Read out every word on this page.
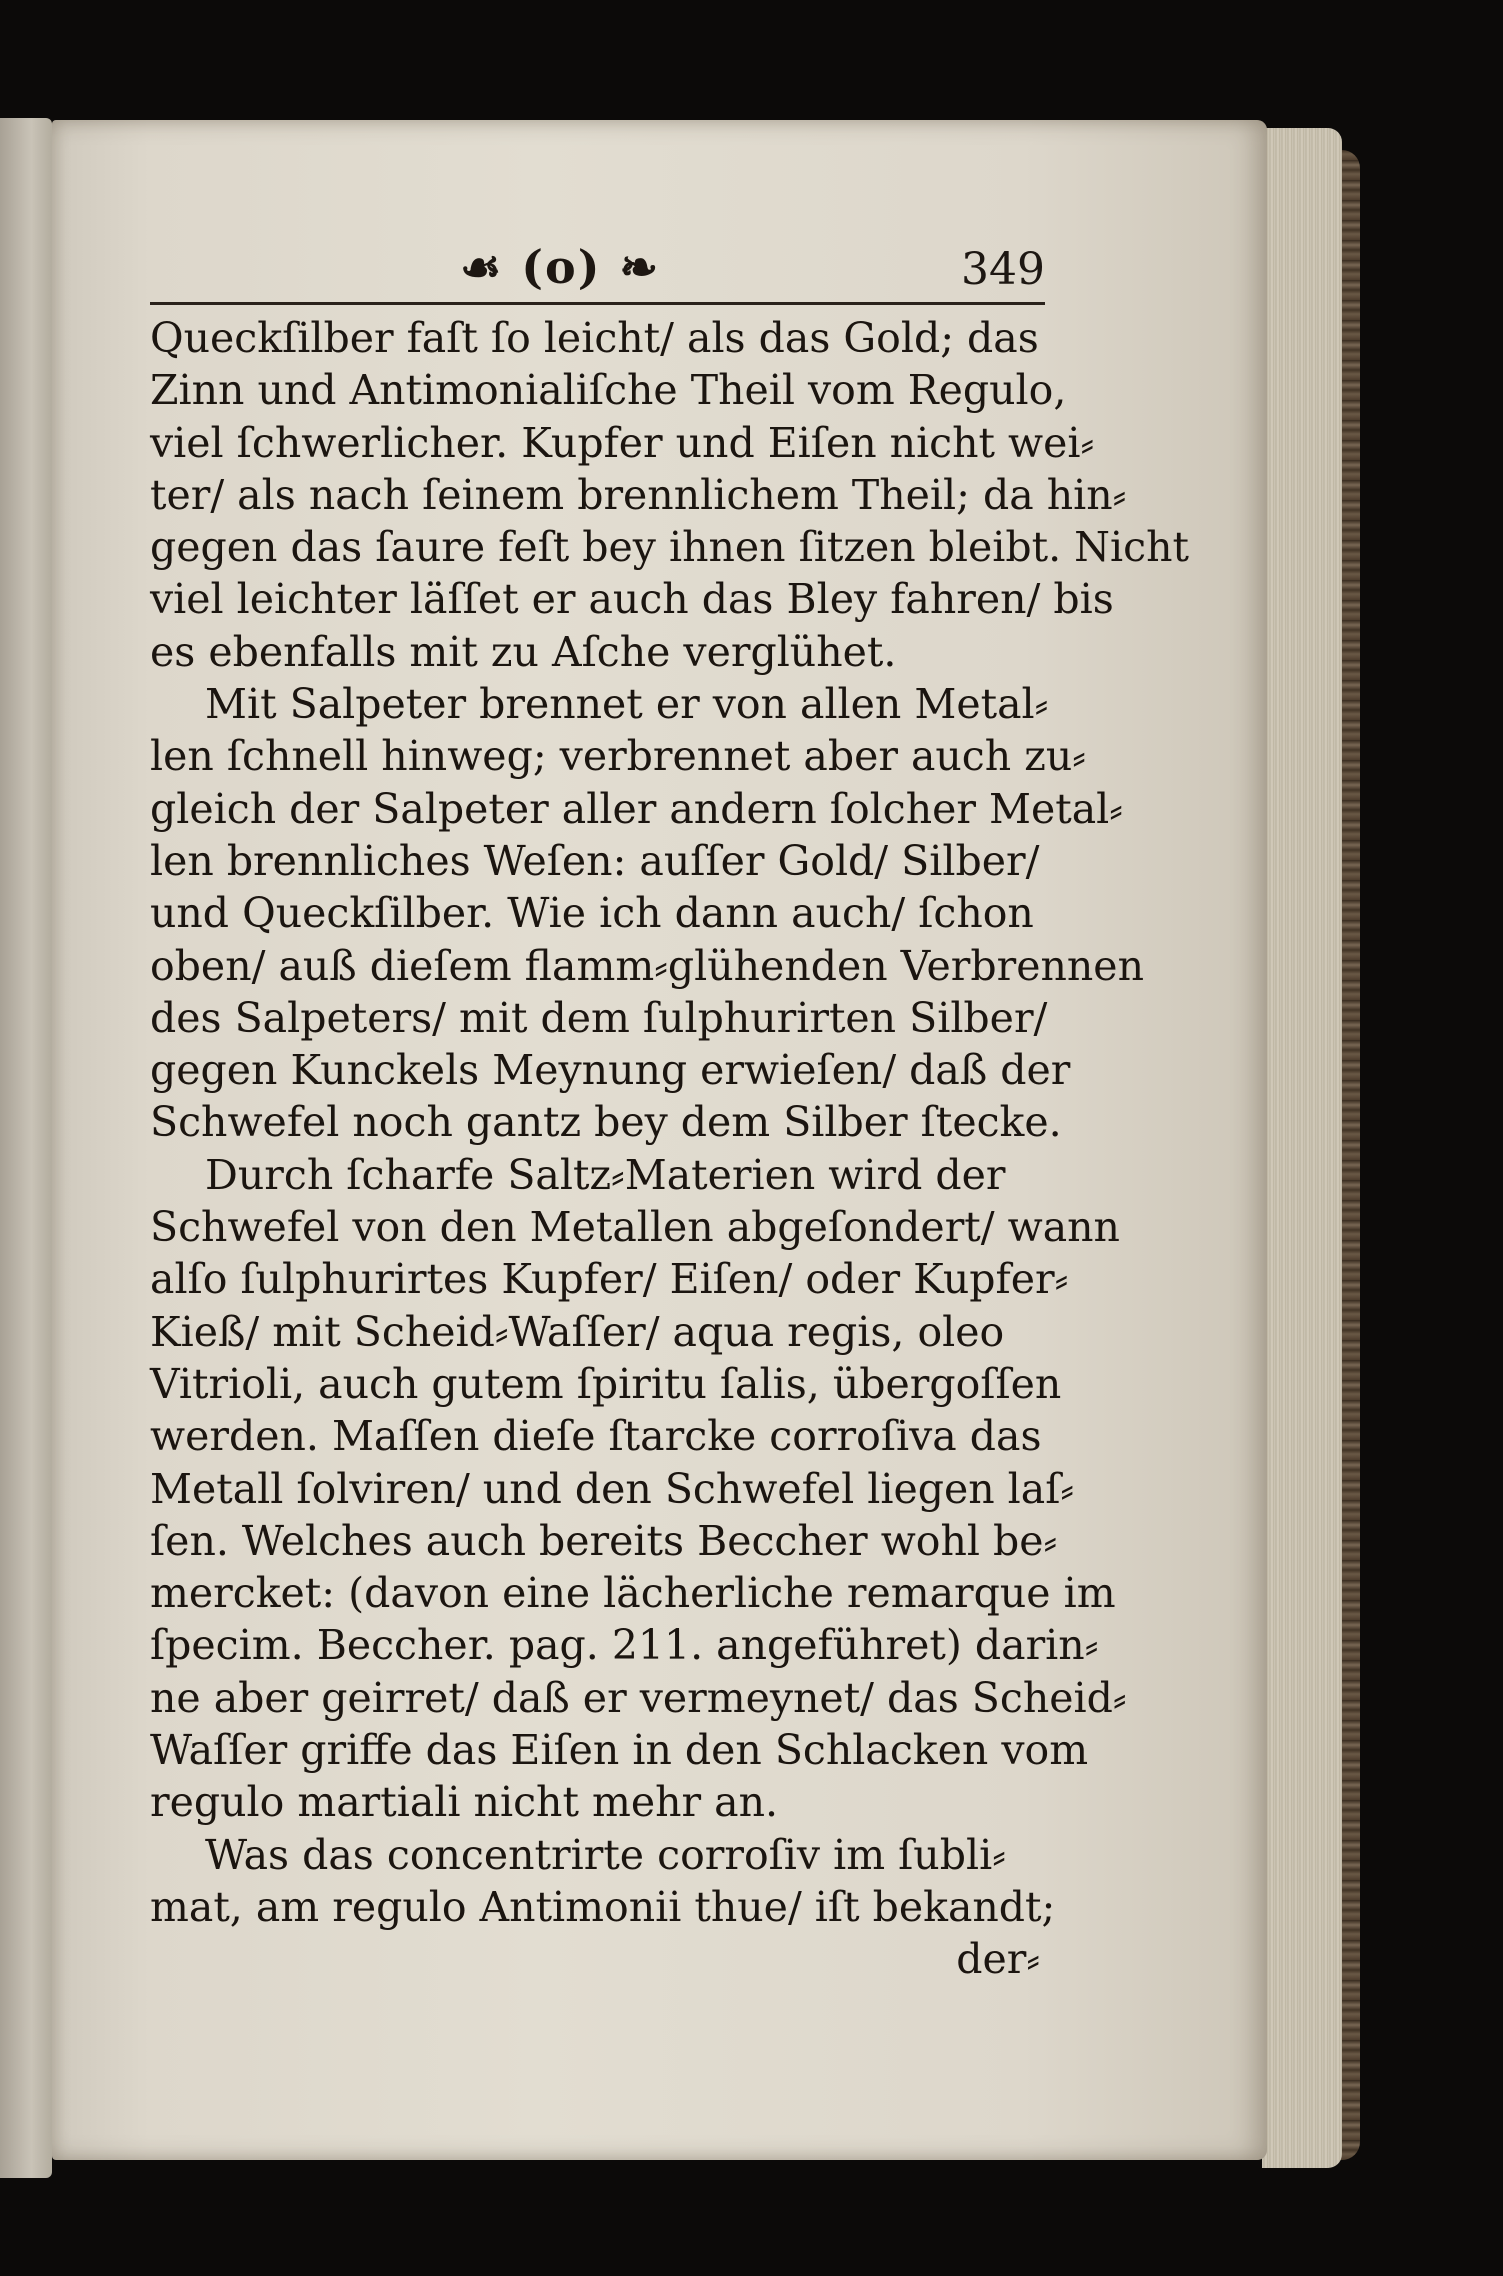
☙ (o) ❧	349
Queckſilber faſt ſo leicht/ als das Gold; das
Zinn und Antimonialiſche Theil vom Regulo,
viel ſchwerlicher. Kupfer und Eiſen nicht wei⸗
ter/ als nach ſeinem brennlichem Theil; da hin⸗
gegen das ſaure feſt bey ihnen ſitzen bleibt. Nicht
viel leichter läſſet er auch das Bley fahren/ bis
es ebenfalls mit zu Aſche verglühet.
Mit Salpeter brennet er von allen Metal⸗
len ſchnell hinweg; verbrennet aber auch zu⸗
gleich der Salpeter aller andern ſolcher Metal⸗
len brennliches Weſen: auſſer Gold/ Silber/
und Queckſilber. Wie ich dann auch/ ſchon
oben/ auß dieſem flamm⸗glühenden Verbrennen
des Salpeters/ mit dem ſulphurirten Silber/
gegen Kunckels Meynung erwieſen/ daß der
Schwefel noch gantz bey dem Silber ſtecke.
Durch ſcharfe Saltz⸗Materien wird der
Schwefel von den Metallen abgeſondert/ wann
alſo ſulphurirtes Kupfer/ Eiſen/ oder Kupfer⸗
Kieß/ mit Scheid⸗Waſſer/ aqua regis, oleo
Vitrioli, auch gutem ſpiritu ſalis, übergoſſen
werden. Maſſen dieſe ſtarcke corroſiva das
Metall ſolviren/ und den Schwefel liegen laſ⸗
ſen. Welches auch bereits Beccher wohl be⸗
mercket: (davon eine lächerliche remarque im
ſpecim. Beccher. pag. 211. angeführet) darin⸗
ne aber geirret/ daß er vermeynet/ das Scheid⸗
Waſſer griffe das Eiſen in den Schlacken vom
regulo martiali nicht mehr an.
Was das concentrirte corroſiv im ſubli⸗
mat, am regulo Antimonii thue/ iſt bekandt;
der⸗
